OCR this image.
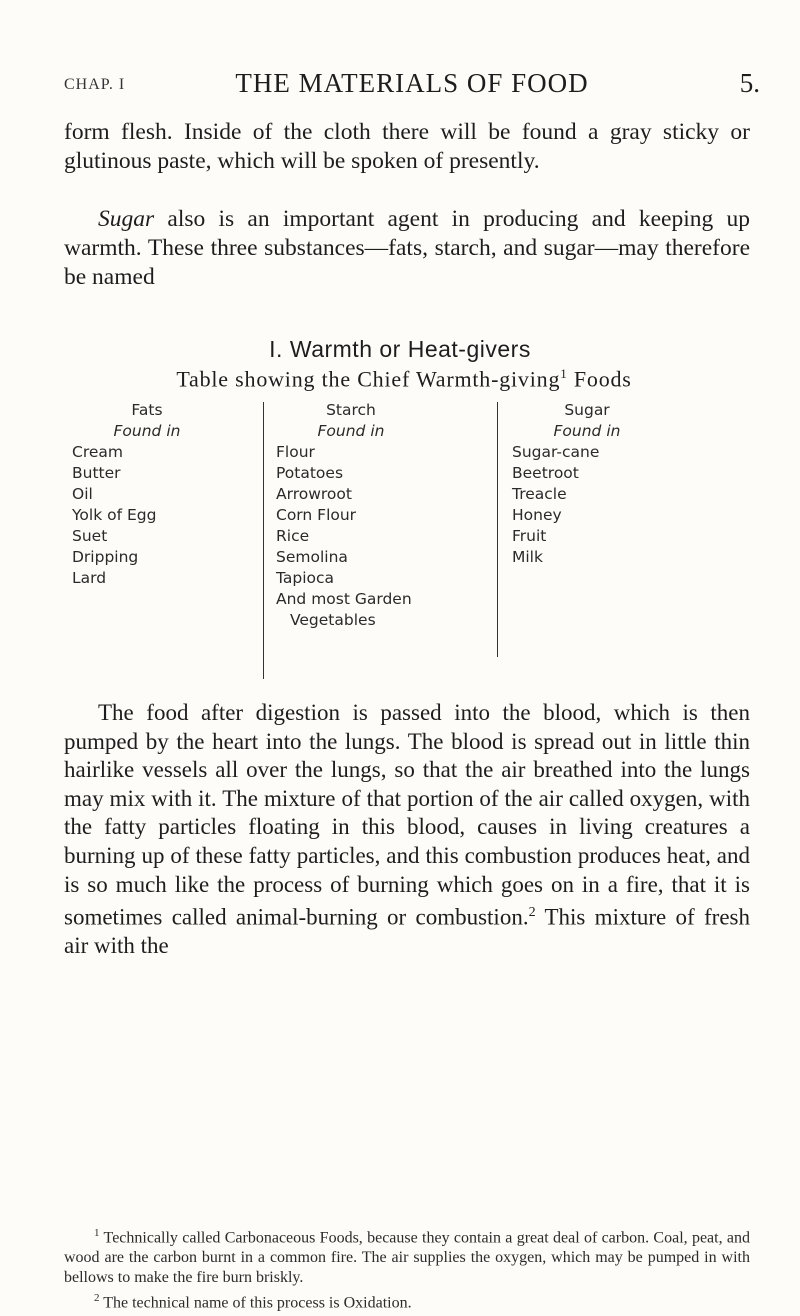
CHAP. I	THE MATERIALS OF FOOD	5.

form flesh. Inside of the cloth there will be found a gray sticky or glutinous paste, which will be spoken of presently.

Sugar also is an important agent in producing and keeping up warmth. These three substances—fats, starch, and sugar—may therefore be named

I. Warmth or Heat-givers
Table showing the Chief Warmth-giving$^1$ Foods
Fats
Found in
Cream
Butter
Oil
Yolk of Egg
Suet
Dripping
Lard
Starch
Found in
Flour
Potatoes
Arrowroot
Corn Flour
Rice
Semolina
Tapioca
And most Garden
Vegetables
Sugar
Found in
Sugar-cane
Beetroot
Treacle
Honey
Fruit
Milk

The food after digestion is passed into the blood, which is then pumped by the heart into the lungs. The blood is spread out in little thin hairlike vessels all over the lungs, so that the air breathed into the lungs may mix with it. The mixture of that portion of the air called oxygen, with the fatty particles floating in this blood, causes in living creatures a burning up of these fatty particles, and this combustion produces heat, and is so much like the process of burning which goes on in a fire, that it is sometimes called animal-burning or combustion.$^2$ This mixture of fresh air with the

$^1$ Technically called Carbonaceous Foods, because they contain a great deal of carbon. Coal, peat, and wood are the carbon burnt in a common fire. The air supplies the oxygen, which may be pumped in with bellows to make the fire burn briskly.

$^2$ The technical name of this process is Oxidation.
